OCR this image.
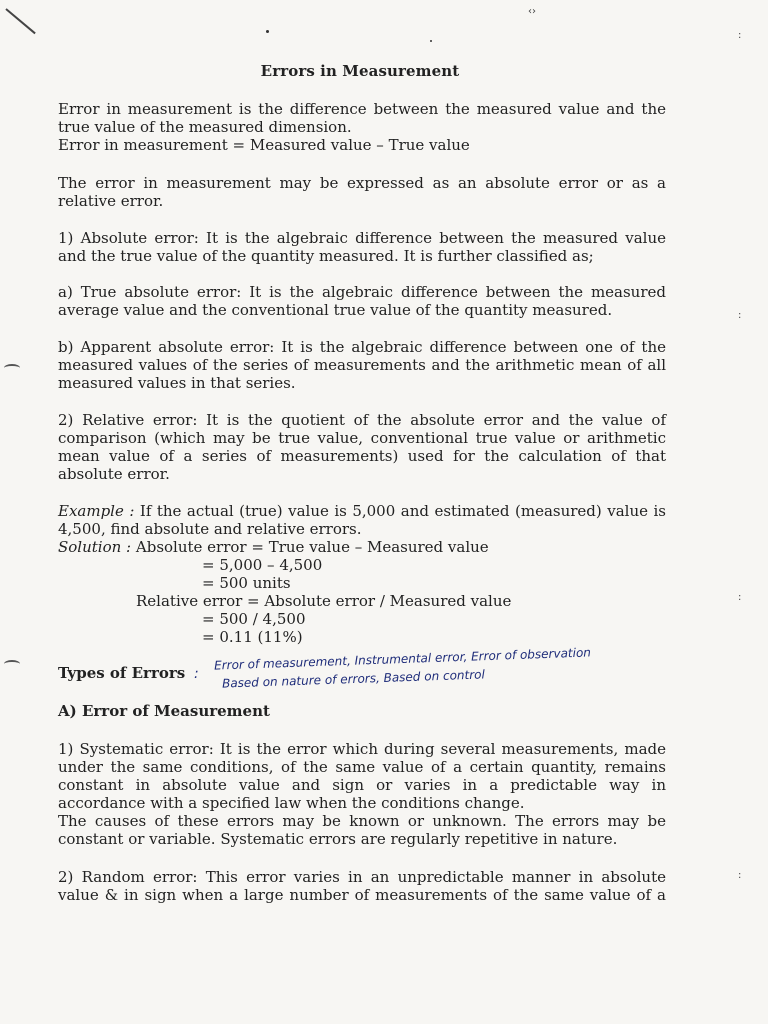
‹›
:
:
:
:
Errors in Measurement

Error in measurement is the difference between the measured value and the true value of the measured dimension.

Error in measurement = Measured value – True value

The error in measurement may be expressed as an absolute error or as a relative error.

1) Absolute error: It is the algebraic difference between the measured value and the true value of the quantity measured. It is further classified as;

a) True absolute error: It is the algebraic difference between the measured average value and the conventional true value of the quantity measured.

b) Apparent absolute error: It is the algebraic difference between one of the measured values of the series of measurements and the arithmetic mean of all measured values in that series.

2) Relative error: It is the quotient of the absolute error and the value of comparison (which may be true value, conventional true value or arithmetic mean value of a series of measurements) used for the calculation of that absolute error.

Example : If the actual (true) value is 5,000 and estimated (measured) value is 4,500, find absolute and relative errors.

Solution : Absolute error = True value – Measured value
= 5,000 – 4,500
= 500 units
Relative error = Absolute error / Measured value
= 500 / 4,500
= 0.11 (11%)
Types of Errors :
Error of measurement, Instrumental error, Error of observation
Based on nature of errors, Based on control
A) Error of Measurement

1) Systematic error: It is the error which during several measurements, made under the same conditions, of the same value of a certain quantity, remains constant in absolute value and sign or varies in a predictable way in accordance with a specified law when the conditions change.

The causes of these errors may be known or unknown. The errors may be constant or variable. Systematic errors are regularly repetitive in nature.

2) Random error: This error varies in an unpredictable manner in absolute value & in sign when a large number of measurements of the same value of a
